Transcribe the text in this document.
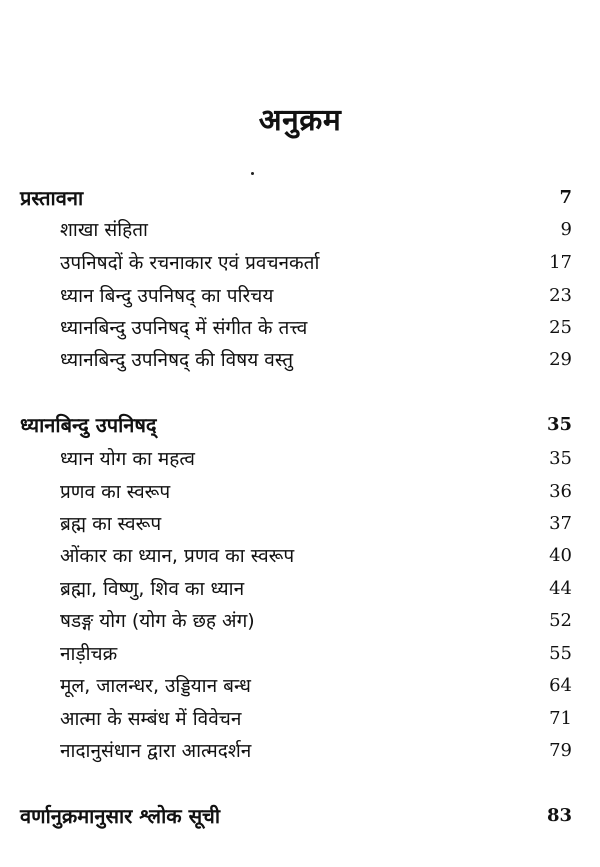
अनुक्रम
प्रस्तावना	7
शाखा संहिता	9
उपनिषदों के रचनाकार एवं प्रवचनकर्ता	17
ध्यान बिन्दु उपनिषद् का परिचय	23
ध्यानबिन्दु उपनिषद् में संगीत के तत्त्व	25
ध्यानबिन्दु उपनिषद् की विषय वस्तु	29
ध्यानबिन्दु उपनिषद्	35
ध्यान योग का महत्व	35
प्रणव का स्वरूप	36
ब्रह्म का स्वरूप	37
ओंकार का ध्यान, प्रणव का स्वरूप	40
ब्रह्मा, विष्णु, शिव का ध्यान	44
षडङ्ग योग (योग के छह अंग)	52
नाड़ीचक्र	55
मूल, जालन्धर, उड्डियान बन्ध	64
आत्मा के सम्बंध में विवेचन	71
नादानुसंधान द्वारा आत्मदर्शन	79
वर्णानुक्रमानुसार श्लोक सूची	83
